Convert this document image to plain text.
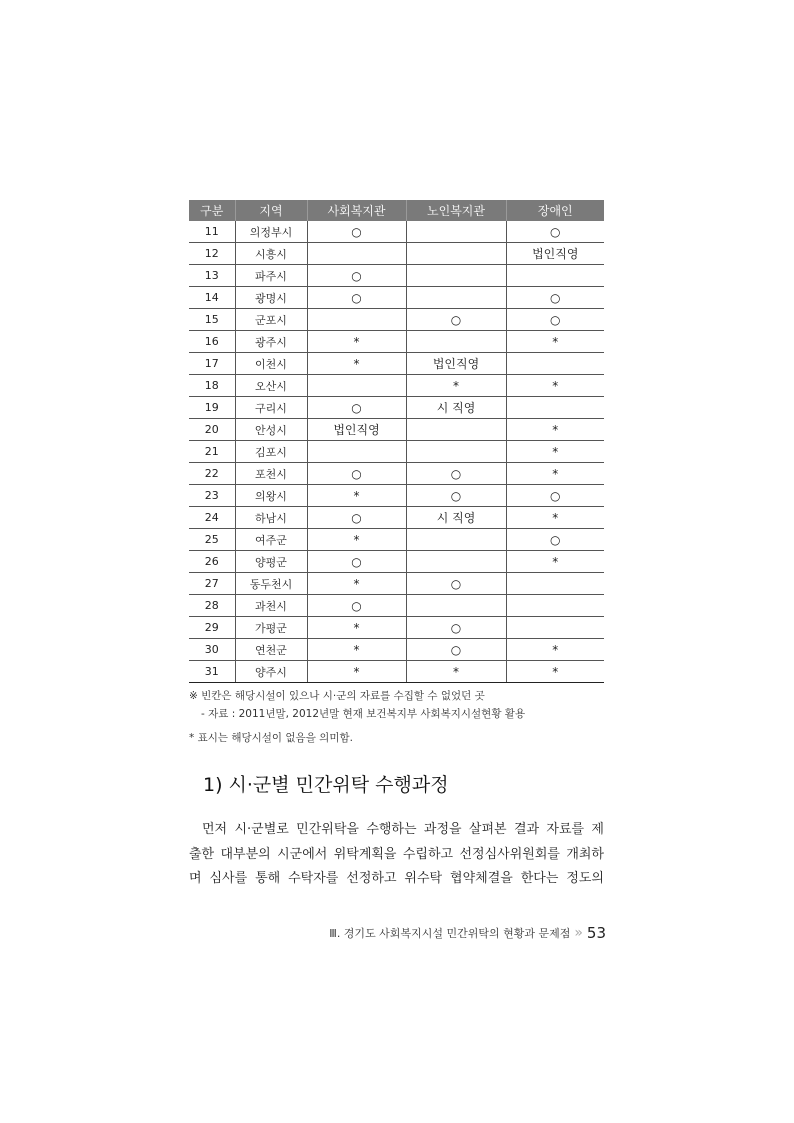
구분	지역	사회복지관	노인복지관	장애인
11	의정부시	○		○
12	시흥시			법인직영
13	파주시	○		
14	광명시	○		○
15	군포시		○	○
16	광주시	*		*
17	이천시	*	법인직영	
18	오산시		*	*
19	구리시	○	시 직영	
20	안성시	법인직영		*
21	김포시			*
22	포천시	○	○	*
23	의왕시	*	○	○
24	하남시	○	시 직영	*
25	여주군	*		○
26	양평군	○		*
27	동두천시	*	○	
28	과천시	○		
29	가평군	*	○	
30	연천군	*	○	*
31	양주시	*	*	*
※ 빈칸은 해당시설이 있으나 시·군의 자료를 수집할 수 없었던 곳
- 자료 : 2011년말, 2012년말 현재 보건복지부 사회복지시설현황 활용
* 표시는 해당시설이 없음을 의미함.
1) 시·군별 민간위탁 수행과정
먼저 시·군별로 민간위탁을 수행하는 과정을 살펴본 결과 자료를 제
출한 대부분의 시군에서 위탁계획을 수립하고 선정심사위원회를 개최하
며 심사를 통해 수탁자를 선정하고 위수탁 협약체결을 한다는 정도의
Ⅲ. 경기도 사회복지시설 민간위탁의 현황과 문제점 » 53
